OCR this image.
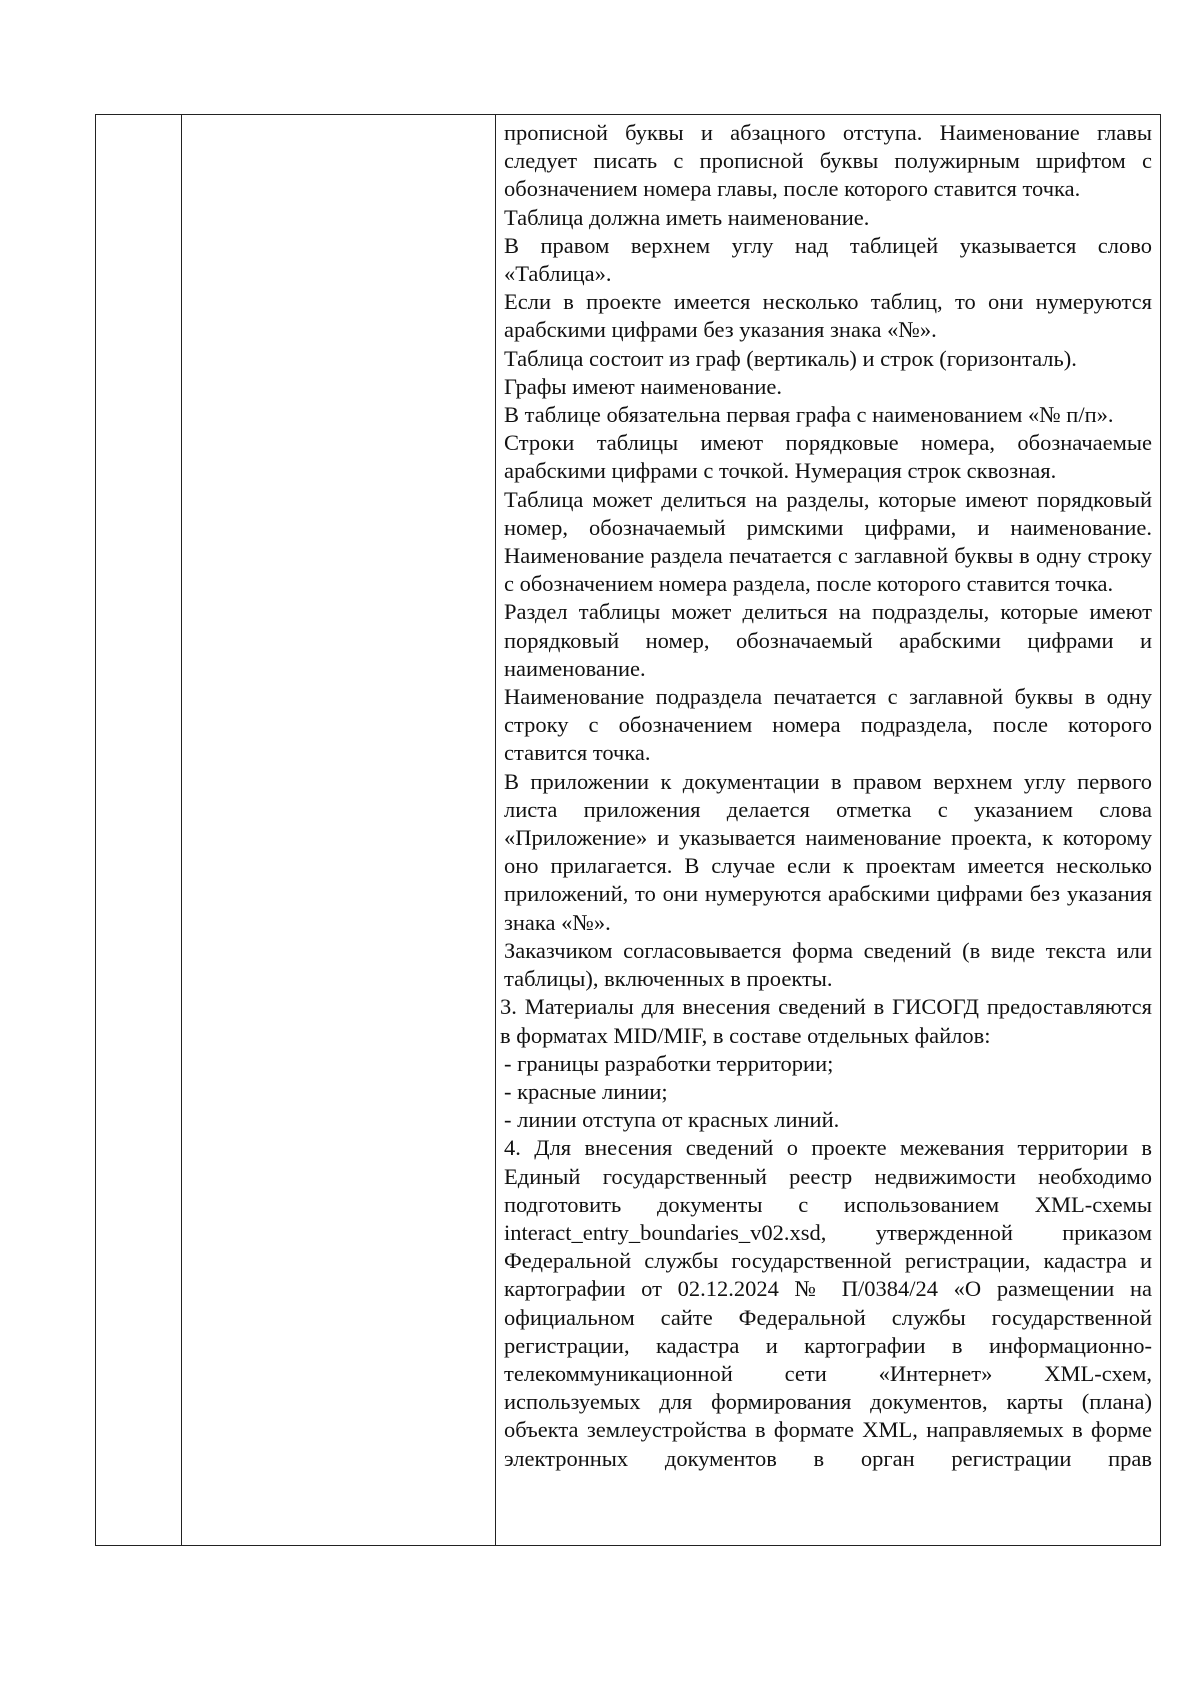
прописной буквы и абзацного отступа. Наименование главы следует писать с прописной буквы полужирным шрифтом с обозначением номера главы, после которого ставится точка.

Таблица должна иметь наименование.

В правом верхнем углу над таблицей указывается слово «Таблица».

Если в проекте имеется несколько таблиц, то они нумеруются арабскими цифрами без указания знака «№».

Таблица состоит из граф (вертикаль) и строк (горизонталь).

Графы имеют наименование.

В таблице обязательна первая графа с наименованием «№ п/п».

Строки таблицы имеют порядковые номера, обозначаемые арабскими цифрами с точкой. Нумерация строк сквозная.

Таблица может делиться на разделы, которые имеют порядковый номер, обозначаемый римскими цифрами, и наименование. Наименование раздела печатается с заглавной буквы в одну строку с обозначением номера раздела, после которого ставится точка.

Раздел таблицы может делиться на подразделы, которые имеют порядковый номер, обозначаемый арабскими цифрами и наименование.

Наименование подраздела печатается с заглавной буквы в одну строку с обозначением номера подраздела, после которого ставится точка.

В приложении к документации в правом верхнем углу первого листа приложения делается отметка с указанием слова «Приложение» и указывается наименование проекта, к которому оно прилагается. В случае если к проектам имеется несколько приложений, то они нумеруются арабскими цифрами без указания знака «№».

Заказчиком согласовывается форма сведений (в виде текста или таблицы), включенных в проекты.

3. Материалы для внесения сведений в ГИСОГД предоставляются в форматах MID/MIF, в составе отдельных файлов:

- границы разработки территории;

- красные линии;

- линии отступа от красных линий.

4. Для внесения сведений о проекте межевания территории в Единый государственный реестр недвижимости необходимо подготовить документы с использованием XML-схемы interact_entry_boundaries_v02.xsd, утвержденной приказом Федеральной службы государственной регистрации, кадастра и картографии от 02.12.2024 № П/0384/24 «О размещении на официальном сайте Федеральной службы государственной регистрации, кадастра и картографии в информационно-телекоммуникационной сети «Интернет» XML-схем, используемых для формирования документов, карты (плана) объекта землеустройства в формате XML, направляемых в форме электронных документов в орган регистрации прав
